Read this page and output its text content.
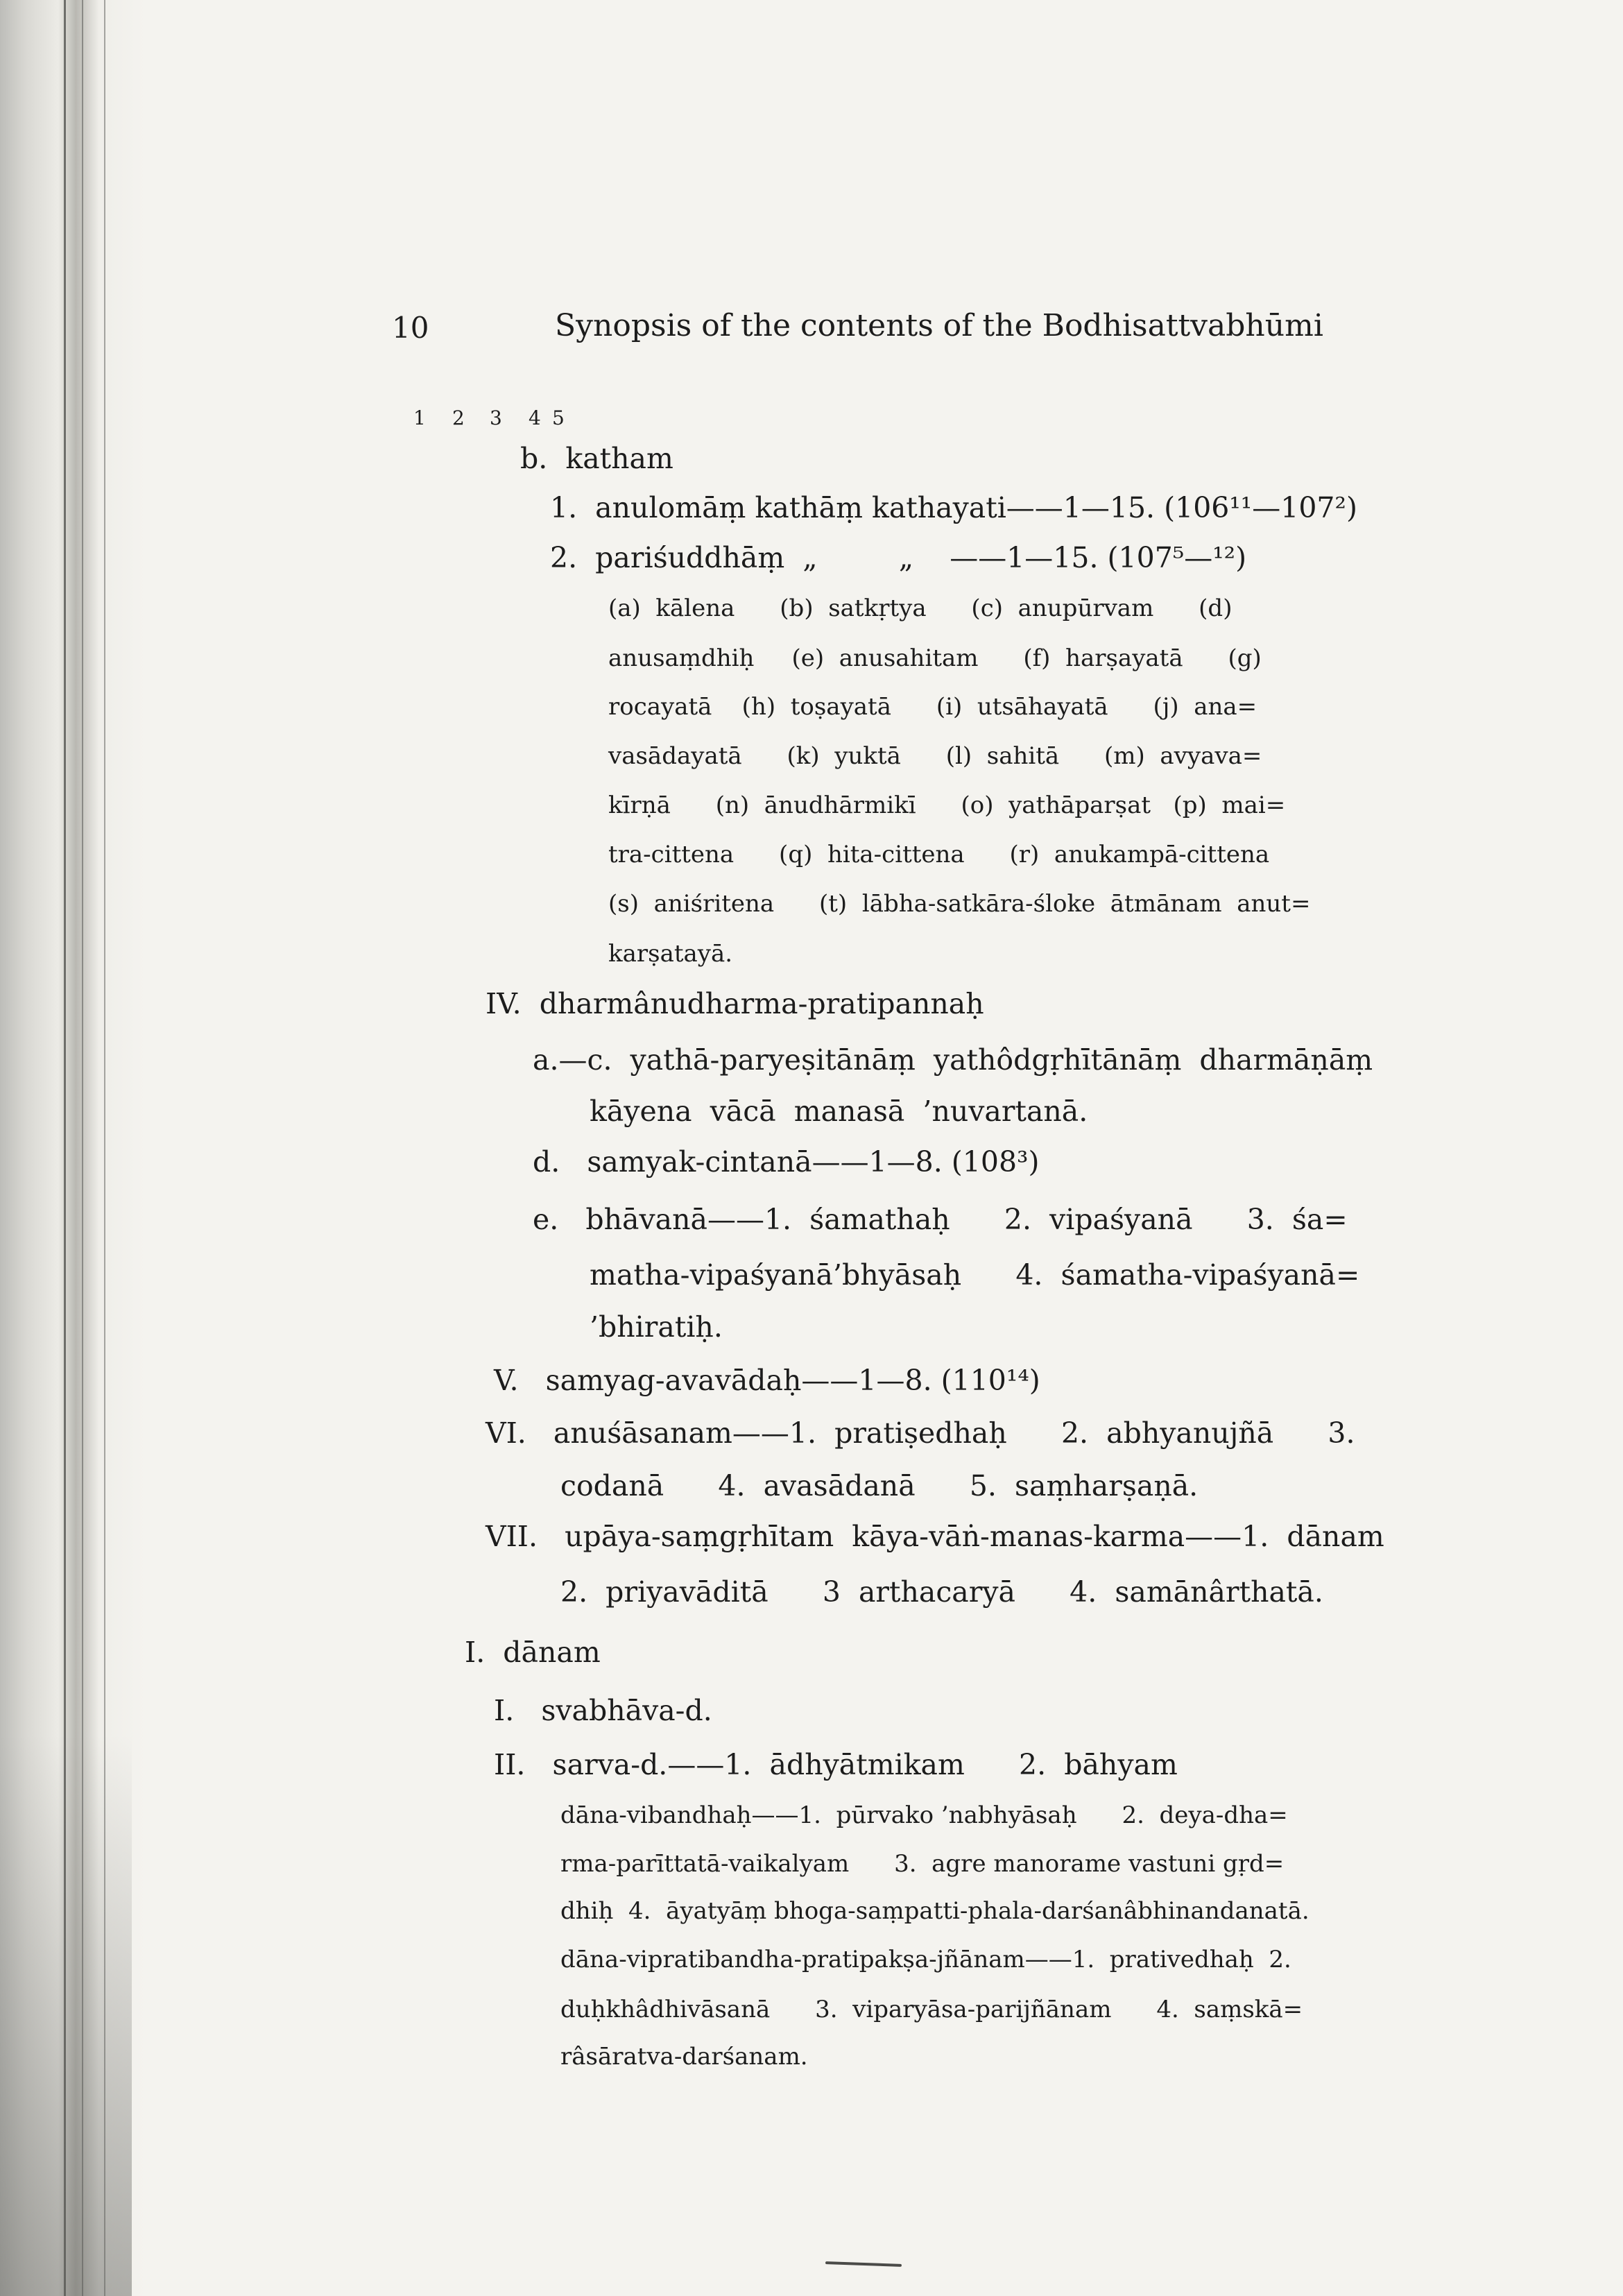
10	Synopsis of the contents of the Bodhisattvabhūmi
1 2 3 4 5
b.  katham
1.  anulomāṃ kathāṃ kathayati——1—15. (106¹¹—107²)
2.  pariśuddhāṃ  „         „    ——1—15. (107⁵—¹²)
(a)  kālena      (b)  satkṛtya      (c)  anupūrvam      (d)
anusaṃdhiḥ     (e)  anusahitam      (f)  harṣayatā      (g)
rocayatā    (h)  toṣayatā      (i)  utsāhayatā      (j)  ana=
vasādayatā      (k)  yuktā      (l)  sahitā      (m)  avyava=
kīrṇā      (n)  ānudhārmikī      (o)  yathāparṣat   (p)  mai=
tra-cittena      (q)  hita-cittena      (r)  anukampā-cittena
(s)  aniśritena      (t)  lābha-satkāra-śloke  ātmānam  anut=
karṣatayā.
IV.  dharmânudharma-pratipannaḥ
a.—c.  yathā-paryeṣitānāṃ  yathôdgṛhītānāṃ  dharmāṇāṃ
kāyena  vācā  manasā  ’nuvartanā.
d.   samyak-cintanā——1—8. (108³)
e.   bhāvanā——1.  śamathaḥ      2.  vipaśyanā      3.  śa=
matha-vipaśyanā’bhyāsaḥ      4.  śamatha-vipaśyanā=
’bhiratiḥ.
V.   samyag-avavādaḥ——1—8. (110¹⁴)
VI.   anuśāsanam——1.  pratiṣedhaḥ      2.  abhyanujñā      3.
codanā      4.  avasādanā      5.  saṃharṣaṇā.
VII.   upāya-saṃgṛhītam  kāya-vāṅ-manas-karma——1.  dānam
2.  priyavāditā      3  arthacaryā      4.  samānârthatā.
I.  dānam
I.   svabhāva-d.
II.   sarva-d.——1.  ādhyātmikam      2.  bāhyam
dāna-vibandhaḥ——1.  pūrvako ’nabhyāsaḥ      2.  deya-dha=
rma-parīttatā-vaikalyam      3.  agre manorame vastuni gṛd=
dhiḥ  4.  āyatyāṃ bhoga-saṃpatti-phala-darśanâbhinandanatā.
dāna-vipratibandha-pratipakṣa-jñānam——1.  prativedhaḥ  2.
duḥkhâdhivāsanā      3.  viparyāsa-parijñānam      4.  saṃskā=
râsāratva-darśanam.
